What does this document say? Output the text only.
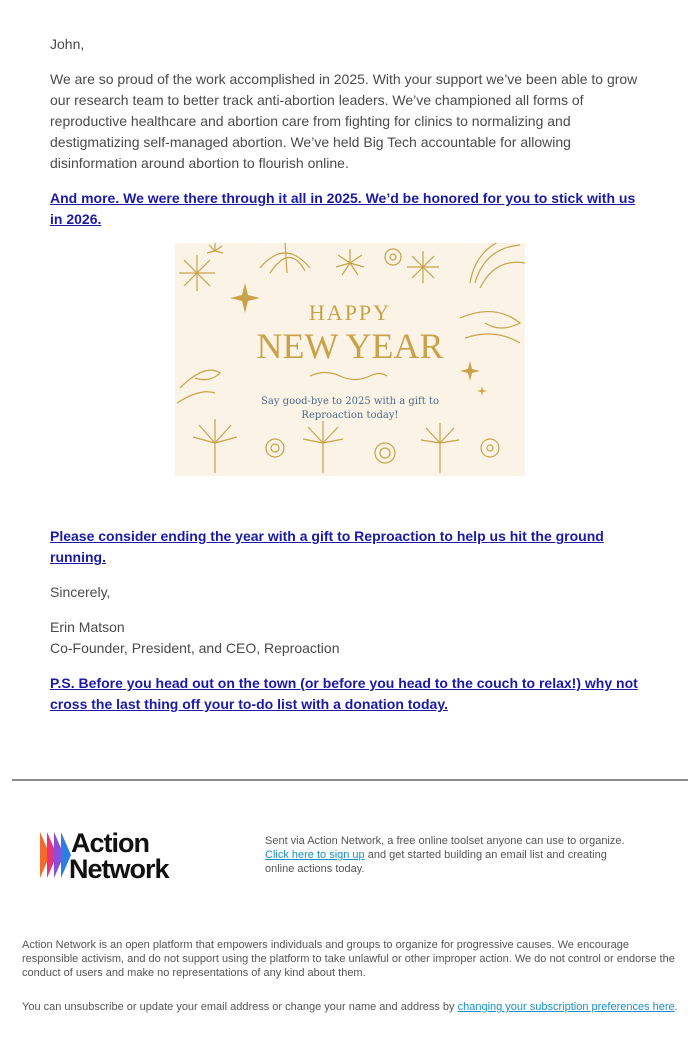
John,

We are so proud of the work accomplished in 2025. With your support we’ve been able to grow our research team to better track anti-abortion leaders. We’ve championed all forms of reproductive healthcare and abortion care from fighting for clinics to normalizing and destigmatizing self-managed abortion. We’ve held Big Tech accountable for allowing disinformation around abortion to flourish online.

And more. We were there through it all in 2025. We’d be honored for you to stick with us in 2026.
HAPPY
NEW YEAR
Say good-bye to 2025 with a gift to
Reproaction today!
Please consider ending the year with a gift to Reproaction to help us hit the ground running.
Sincerely,
Erin Matson
Co-Founder, President, and CEO, Reproaction
P.S. Before you head out on the town (or before you head to the couch to relax!) why not cross the last thing off your to-do list with a donation today.
Action
Network
Sent via Action Network, a free online toolset anyone can use to organize.
Click here to sign up and get started building an email list and creating online actions today.
Action Network is an open platform that empowers individuals and groups to organize for progressive causes. We encourage responsible activism, and do not support using the platform to take unlawful or other improper action. We do not control or endorse the conduct of users and make no representations of any kind about them.
You can unsubscribe or update your email address or change your name and address by changing your subscription preferences here.
